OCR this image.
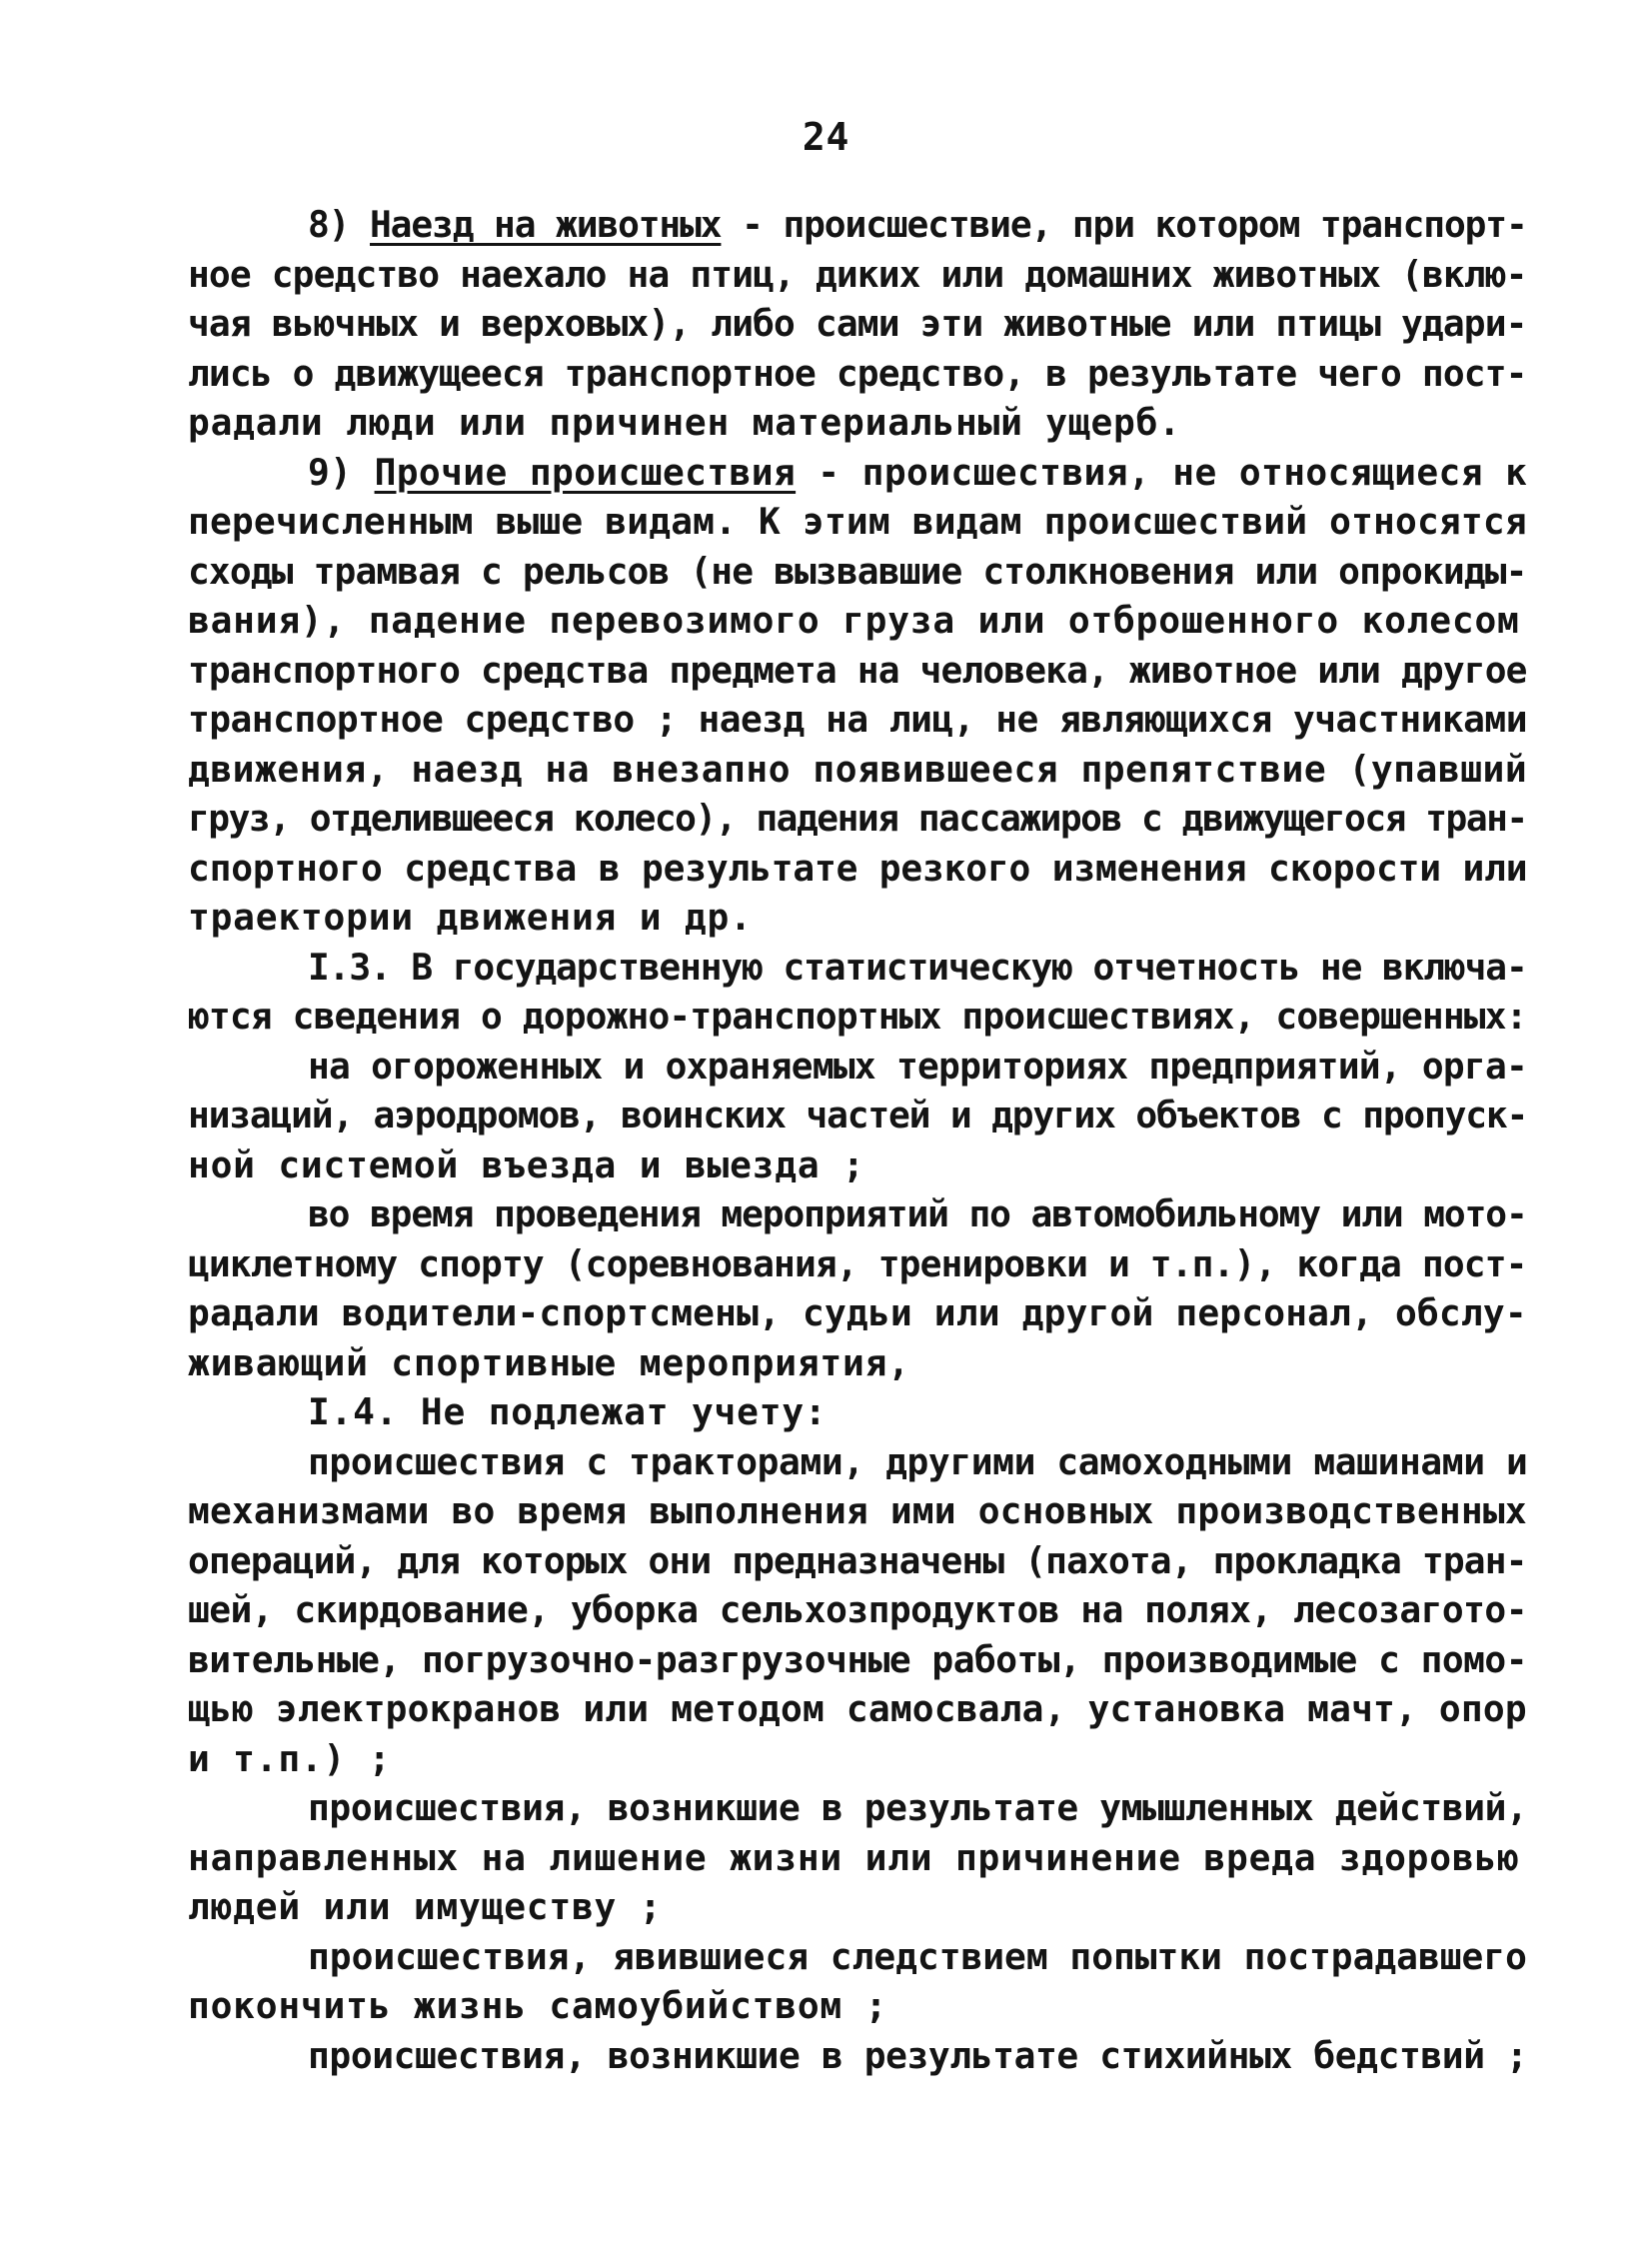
24
8) Наезд на животных - происшествие, при котором транспорт-
ное средство наехало на птиц, диких или домашних животных (вклю-
чая вьючных и верховых), либо сами эти животные или птицы удари-
лись о движущееся транспортное средство, в результате чего пост-
радали люди или причинен материальный ущерб.
9) Прочие происшествия - происшествия, не относящиеся к
перечисленным выше видам. К этим видам происшествий относятся
сходы трамвая с рельсов (не вызвавшие столкновения или опрокиды-
вания), падение перевозимого груза или отброшенного колесом
транспортного средства предмета на человека, животное или другое
транспортное средство ; наезд на лиц, не являющихся участниками
движения, наезд на внезапно появившееся препятствие (упавший
груз, отделившееся колесо), падения пассажиров с движущегося тран-
спортного средства в результате резкого изменения скорости или
траектории движения и др.
I.3. В государственную статистическую отчетность не включа-
ются сведения о дорожно-транспортных происшествиях, совершенных:
на огороженных и охраняемых территориях предприятий, орга-
низаций, аэродромов, воинских частей и других объектов с пропуск-
ной системой въезда и выезда ;
во время проведения мероприятий по автомобильному или мото-
циклетному спорту (соревнования, тренировки и т.п.), когда пост-
радали водители-спортсмены, судьи или другой персонал, обслу-
живающий спортивные мероприятия,
I.4. Не подлежат учету:
происшествия с тракторами, другими самоходными машинами и
механизмами во время выполнения ими основных производственных
операций, для которых они предназначены (пахота, прокладка тран-
шей, скирдование, уборка сельхозпродуктов на полях, лесозагото-
вительные, погрузочно-разгрузочные работы, производимые с помо-
щью электрокранов или методом самосвала, установка мачт, опор
и т.п.) ;
происшествия, возникшие в результате умышленных действий,
направленных на лишение жизни или причинение вреда здоровью
людей или имуществу ;
происшествия, явившиеся следствием попытки пострадавшего
покончить жизнь самоубийством ;
происшествия, возникшие в результате стихийных бедствий ;
